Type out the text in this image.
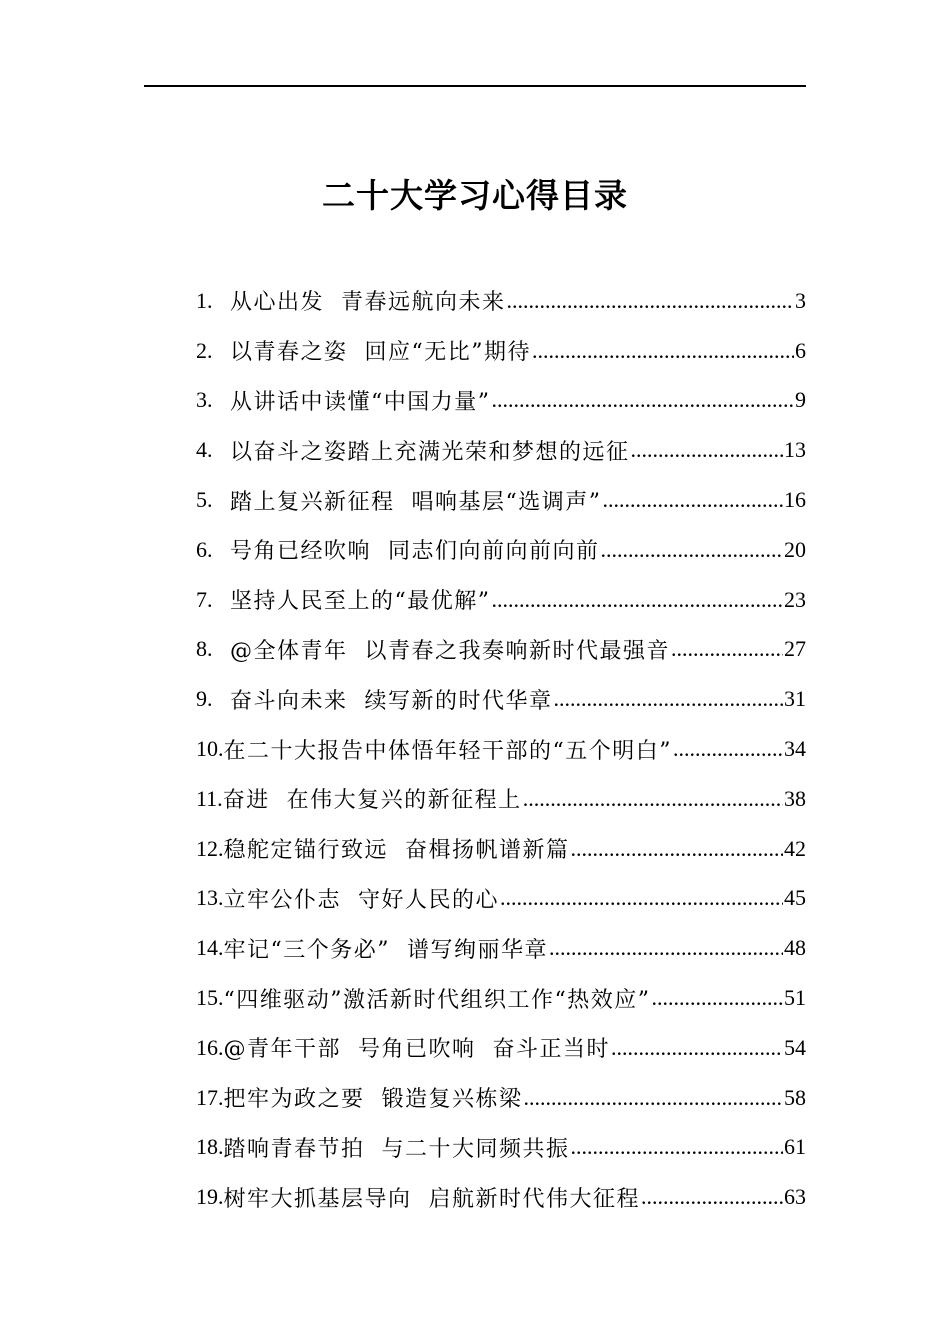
二十大学习心得目录
1. 从心出发  青春远航向未来 .....	3
2. 以青春之姿  回应“无比”期待 .....	6
3. 从讲话中读懂“中国力量” .....	9
4. 以奋斗之姿踏上充满光荣和梦想的远征 .....	13
5. 踏上复兴新征程  唱响基层“选调声” .....	16
6. 号角已经吹响  同志们向前向前向前 .....	20
7. 坚持人民至上的“最优解” .....	23
8. @全体青年  以青春之我奏响新时代最强音 .....	27
9. 奋斗向未来  续写新的时代华章 .....	31
10. 在二十大报告中体悟年轻干部的“五个明白” .....	34
11. 奋进  在伟大复兴的新征程上 .....	38
12. 稳舵定锚行致远  奋楫扬帆谱新篇 .....	42
13. 立牢公仆志  守好人民的心 .....	45
14. 牢记“三个务必”  谱写绚丽华章 .....	48
15. “四维驱动”激活新时代组织工作“热效应” .....	51
16. @青年干部  号角已吹响  奋斗正当时 .....	54
17. 把牢为政之要  锻造复兴栋梁 .....	58
18. 踏响青春节拍  与二十大同频共振 .....	61
19. 树牢大抓基层导向  启航新时代伟大征程 .....	63
